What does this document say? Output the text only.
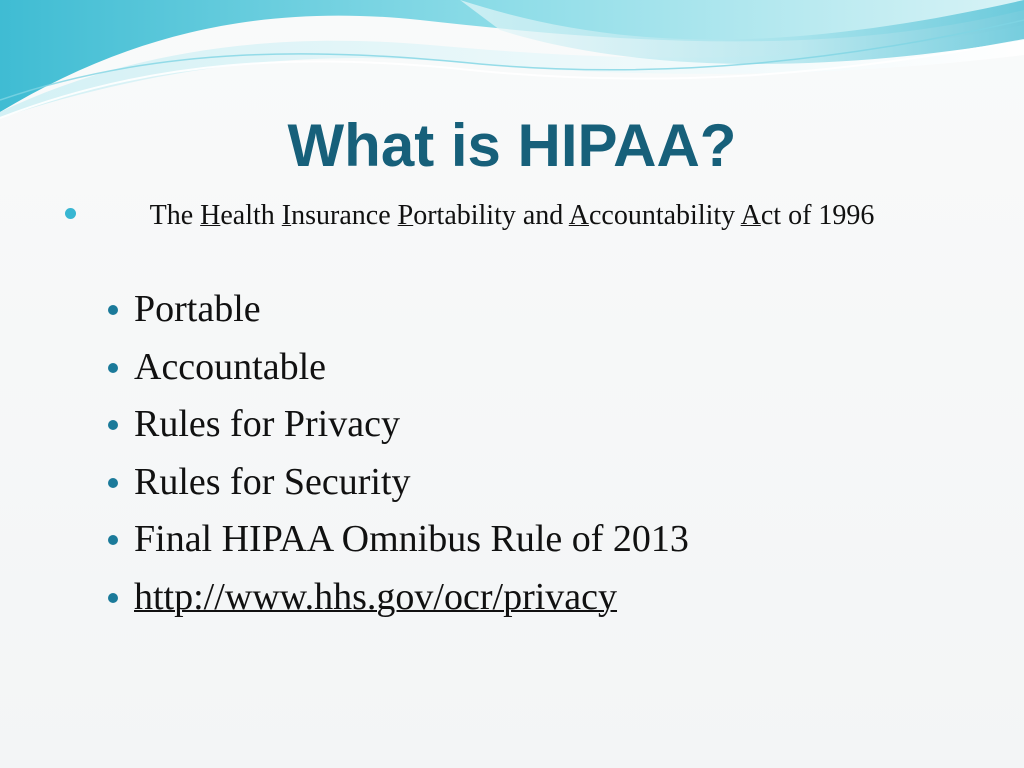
What is HIPAA?

The Health Insurance Portability and Accountability Act of 1996

Portable
Accountable
Rules for Privacy
Rules for Security
Final HIPAA Omnibus Rule of 2013
http://www.hhs.gov/ocr/privacy
